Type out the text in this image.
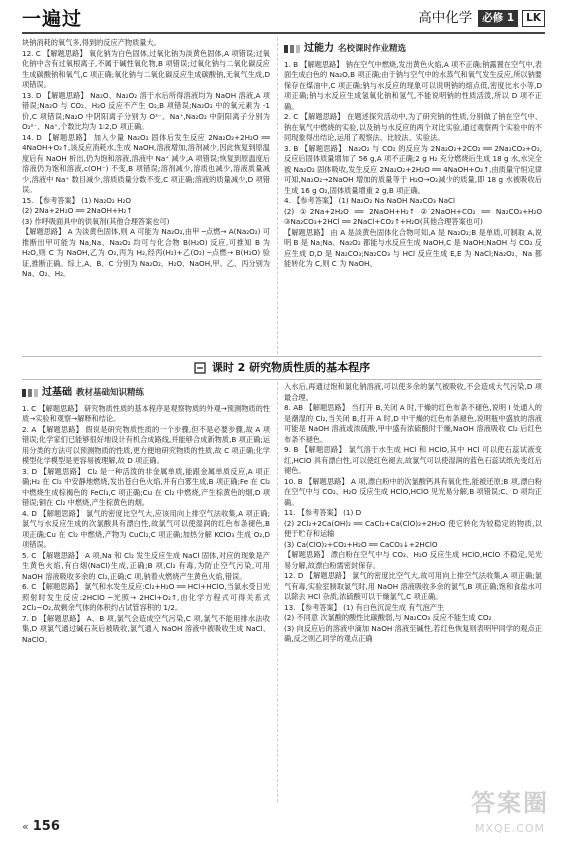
一遍过	高中化学 必修 1	LK

块钠消耗的氧气多,得到的反应产物质量大。

12. C 【解题思路】 氧化钠为白色固体,过氧化钠为淡黄色固体,A 项错误;过氧化钠中含有过氧根离子,不属于碱性氧化物,B 项错误;过氧化钠与二氧化碳反应生成碳酸钠和氧气,C 项正确;氧化钠与二氧化碳反应生成碳酸钠,无氧气生成,D 项错误。

13. D 【解题思路】 Na₂O、Na₂O₂ 溶于水后所得溶液均为 NaOH 溶液,A 项错误;Na₂O 与 CO₂、H₂O 反应不产生 O₂,B 项错误;Na₂O₂ 中的氧元素为 -1 价,C 项错误;Na₂O 中阴阳离子分别为 O²⁻、Na⁺,Na₂O₂ 中阴阳离子分别为 O₂²⁻、Na⁺,个数比均为 1∶2,D 项正确。

14. D 【解题思路】 加入少量 Na₂O₂ 固体后发生反应 2Na₂O₂+2H₂O ══ 4NaOH+O₂↑,该反应消耗水,生成 NaOH,溶液增加,溶剂减少,因此恢复到原温度后有 NaOH 析出,仍为饱和溶液,溶液中 Na⁺ 减少,A 项错误;恢复到原温度后溶液仍为饱和溶液,c(OH⁻) 不变,B 项错误;溶剂减少,溶质也减少,溶液质量减少,溶液中 Na⁺ 数目减少,溶质质量分数不变,C 项正确;溶液的质量减少,D 项错误。

15. 【参考答案】 (1) Na₂O₂ H₂O

(2) 2Na+2H₂O ══ 2NaOH+H₂↑

(3) 作呼吸面具中的供氧剂(其他合理答案也可)

【解题思路】 A 为淡黄色固体,则 A 可能为 Na₂O₂,由甲 ─点燃→ A(Na₂O₂) 可推断出甲可能为 Na,Na、Na₂O₂ 均可与化合物 B(H₂O) 反应,可推知 B 为 H₂O,则 C 为 NaOH,乙为 O₂,丙为 H₂,经丙(H₂)+乙(O₂) ─点燃→ B(H₂O) 验证,推断正确。综上,A、B、C 分别为 Na₂O₂、H₂O、NaOH,甲、乙、丙分别为 Na、O₂、H₂。

过能力 名校课时作业精选

1. B 【解题思路】 钠在空气中燃烧,发出黄色火焰,A 项不正确;钠露置在空气中,表面生成白色的 Na₂O,B 项正确;由于钠与空气中的水蒸气和氧气发生反应,所以钠要保存在煤油中,C 项正确;钠与水反应的现象可以说明钠的熔点低,密度比水小等,D 项正确;钠与水反应生成氢氧化钠和氢气,不能说明钠的性质活泼,所以 D 项不正确。

2. C 【解题思路】 在题述探究活动中,为了研究钠的性质,分别做了钠在空气中、钠在氧气中燃烧的实验,以及钠与水反应的两个对比实验,通过观察两个实验中的不同现象得出结论,运用了观察法、比较法、实验法。

3. B 【解题思路】 Na₂O₂ 与 CO₂ 的反应为 2Na₂O₂+2CO₂ ══ 2Na₂CO₃+O₂,反应后固体质量增加了 56 g,A 项不正确;2 g H₂ 充分燃烧后生成 18 g 水,水完全被 Na₂O₂ 固体吸收,发生反应 2Na₂O₂+2H₂O ══ 4NaOH+O₂↑,由质量守恒定律可知,Na₂O₂→2NaOH 增加的质量等于 H₂O→O₂减少的质量,即 18 g 水被吸收后生成 16 g O₂,固体质量增重 2 g,B 项正确。

4. 【参考答案】 (1) Na₂O₂ Na NaOH Na₂CO₃ NaCl

(2) ①2Na+2H₂O ══ 2NaOH+H₂↑ ②2NaOH+CO₂ ══ Na₂CO₃+H₂O ③Na₂CO₃+2HCl ══ 2NaCl+CO₂↑+H₂O(其他合理答案也可)

【解题思路】 由 A 是淡黄色固体化合物可知,A 是 Na₂O₂;B 是单质,可制取 A,说明 B 是 Na;Na、Na₂O₂ 都能与水反应生成 NaOH,C 是 NaOH;NaOH 与 CO₂ 反应生成 D,D 是 Na₂CO₃;Na₂CO₃ 与 HCl 反应生成 E,E 为 NaCl;Na₂O₂、Na 都能转化为 C,则 C 为 NaOH。

课时 2 研究物质性质的基本程序
过基础 教材基础知识精练

1. C 【解题思路】 研究物质性质的基本程序是观察物质的外观→预测物质的性质→实验和观察→解释和结论。

2. A 【解题思路】 假说是研究物质性质的一个步骤,但不是必要步骤,故 A 项错误;化学家们已能够很好地设计有机合成路线,并能够合成新物质,B 项正确;运用分类的方法可以预测物质的性质,更方便地研究物质的性质,故 C 项正确;化学模型化学模型是更容易被理解,故 D 项正确。

3. D 【解题思路】 Cl₂ 是一种活泼的非金属单质,能跟金属单质反应,A 项正确;H₂ 在 Cl₂ 中安静地燃烧,发出苍白色火焰,并有白雾生成,B 项正确;Fe 在 Cl₂ 中燃烧生成棕褐色的 FeCl₃,C 项正确;Cu 在 Cl₂ 中燃烧,产生棕黄色的烟,D 项错误;铜在 Cl₂ 中燃烧,产生棕黄色的烟。

4. D 【解题思路】 氯气的密度比空气大,应该用向上排空气法收集,A 项正确;氯气与水反应生成的次氯酸具有漂白性,故氯气可以使湿润的红色布条褪色,B 项正确;Cu 在 Cl₂ 中燃烧,产物为 CuCl₂,C 项正确;加热分解 KClO₃ 生成 O₂,D 项错误。

5. C 【解题思路】 A 项,Na 和 Cl₂ 发生反应生成 NaCl 固体,对应的现象是产生黄色火焰,有白烟(NaCl)生成,正确;B 项,Cl₂ 有毒,为防止空气污染,可用 NaOH 溶液吸收多余的 Cl₂,正确;C 项,钠着火燃烧产生黄色火焰,错误。

6. C 【解题思路】 氯气和水发生反应:Cl₂+H₂O ══ HCl+HClO,当氯水受日光照射时发生反应:2HClO ─光照→ 2HCl+O₂↑,由化学方程式可得关系式 2Cl₂~O₂,故剩余气体的体积约占试管容积的 1/2。

7. D 【解题思路】 A、B 项,氯气会造成空气污染,C 项,氯气不能用排水法收集,D 项氯气通过碱石灰后被吸收,氯气通入 NaOH 溶液中被吸收生成 NaCl、NaClO。

入水后,再通过饱和氯化钠溶液,可以使多余的氯气被吸收,不会造成大气污染,D 项最合理。

8. AB 【解题思路】 当打开 B,关闭 A 时,干燥的红色布条不褪色,说明 I 处通入的是潮湿的 Cl₂,当关闭 B,打开 A 时,D 中干燥的红色布条褪色,说明瓶中盛放的溶液可能是 NaOH 溶液或浓硫酸,甲中盛有浓硫酸时干燥,NaOH 溶液吸收 Cl₂ 后红色布条不褪色。

9. B 【解题思路】 氯气溶于水生成 HCl 和 HClO,其中 HCl 可以使石蕊试液变红,HClO 具有漂白性,可以使红色褪去,故氯气可以使湿润的蓝色石蕊试纸先变红后褪色。

10. B 【解题思路】 A 项,漂白粉中的次氯酸钙具有氧化性,能被还原;B 项,漂白粉在空气中与 CO₂、H₂O 反应生成 HClO,HClO 见光易分解,B 项错误;C、D 项均正确。

11. 【参考答案】 (1) D

(2) 2Cl₂+2Ca(OH)₂ ══ CaCl₂+Ca(ClO)₂+2H₂O 使它转化为较稳定的物质,以便于贮存和运输

(3) Ca(ClO)₂+CO₂+H₂O ══ CaCO₃↓+2HClO

【解题思路】 漂白粉在空气中与 CO₂、H₂O 反应生成 HClO,HClO 不稳定,见光易分解,故漂白粉需密封保存。

12. D 【解题思路】 氯气的密度比空气大,故可用向上排空气法收集,A 项正确;氯气有毒,实验室制取氯气时,用 NaOH 溶液吸收多余的氯气,B 项正确;饱和食盐水可以除去 HCl 杂质,浓硫酸可以干燥氯气,C 项正确。

13. 【参考答案】 (1) 有白色沉淀生成 有气泡产生

(2) 不同意 次氯酸的酸性比碳酸弱,与 Na₂CO₃ 反应不能生成 CO₂

(3) 向反应后的溶液中滴加 NaOH 溶液至碱性,若红色恢复则表明甲同学的观点正确,反之则乙同学的观点正确

« 156
答案圈
MXQE.COM
